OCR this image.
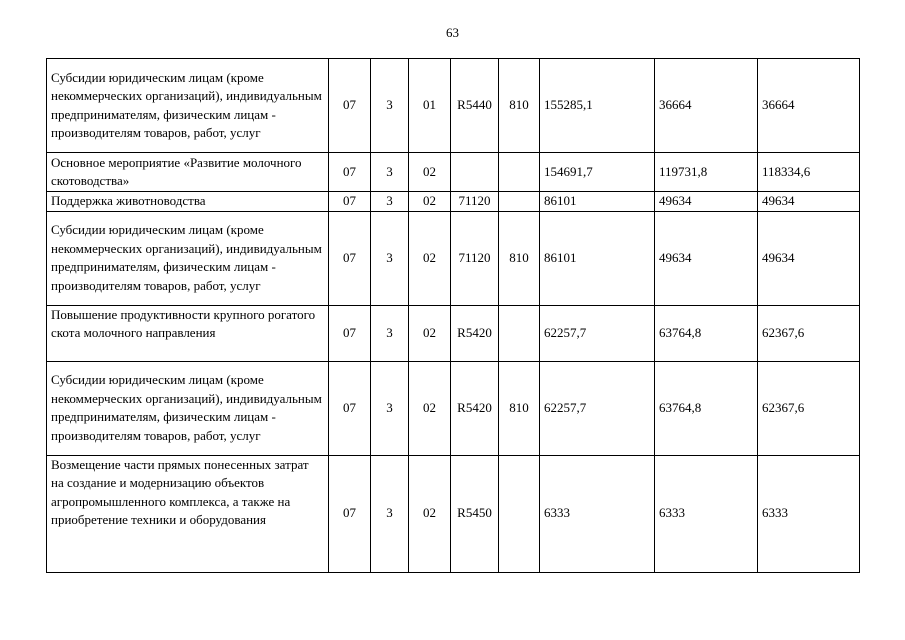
63
Субсидии юридическим лицам (кроме некоммерческих организаций), индивидуальным предпринимателям, физическим лицам - производителям товаров, работ, услуг	07	3	01	R5440	810	155285,1	36664	36664
Основное мероприятие «Развитие молочного скотоводства»	07	3	02			154691,7	119731,8	118334,6
Поддержка животноводства	07	3	02	71120		86101	49634	49634
Субсидии юридическим лицам (кроме некоммерческих организаций), индивидуальным предпринимателям, физическим лицам - производителям товаров, работ, услуг	07	3	02	71120	810	86101	49634	49634
Повышение продуктивности крупного рогатого скота молочного направления	07	3	02	R5420		62257,7	63764,8	62367,6
Субсидии юридическим лицам (кроме некоммерческих организаций), индивидуальным предпринимателям, физическим лицам - производителям товаров, работ, услуг	07	3	02	R5420	810	62257,7	63764,8	62367,6
Возмещение части прямых понесенных затрат на создание и модернизацию объектов агропромышленного комплекса, а также на приобретение техники и оборудования	07	3	02	R5450		6333	6333	6333
